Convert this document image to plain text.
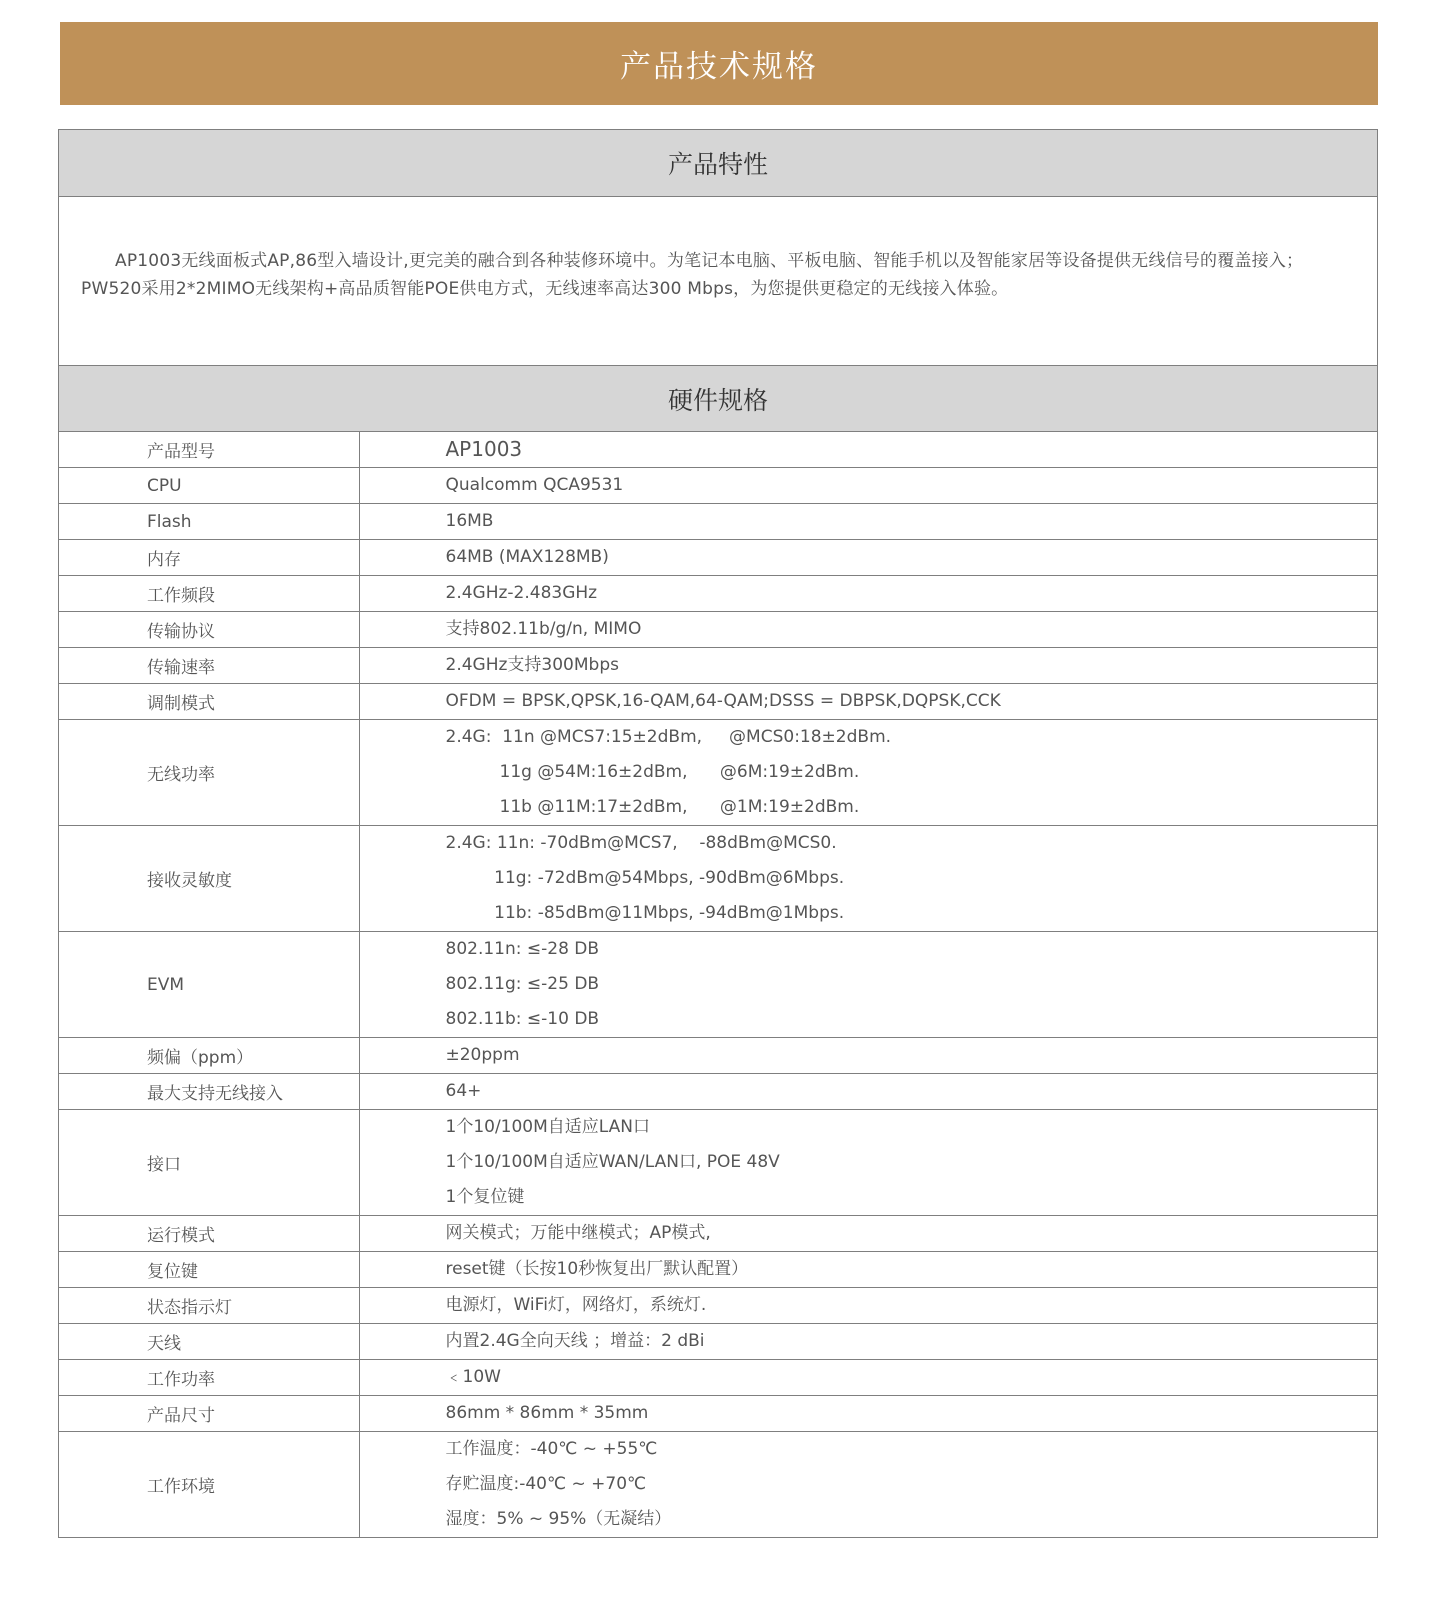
产品技术规格
产品特性
AP1003无线面板式AP,86型入墙设计,更完美的融合到各种装修环境中。为笔记本电脑、平板电脑、智能手机以及智能家居等设备提供无线信号的覆盖接入；PW520采用2*2MIMO无线架构+高品质智能POE供电方式，无线速率高达300 Mbps，为您提供更稳定的无线接入体验。
硬件规格
产品型号	AP1003

CPU	Qualcomm QCA9531

Flash	16MB

内存	64MB (MAX128MB)

工作频段	2.4GHz-2.483GHz

传输协议	支持802.11b/g/n, MIMO

传输速率	2.4GHz支持300Mbps

调制模式	OFDM = BPSK,QPSK,16-QAM,64-QAM;DSSS = DBPSK,DQPSK,CCK

无线功率	2.4G:  11n @MCS7:15±2dBm,     @MCS0:18±2dBm.
11g @54M:16±2dBm,      @6M:19±2dBm.
11b @11M:17±2dBm,      @1M:19±2dBm.

接收灵敏度	2.4G: 11n: -70dBm@MCS7,    -88dBm@MCS0.
11g: -72dBm@54Mbps, -90dBm@6Mbps.
11b: -85dBm@11Mbps, -94dBm@1Mbps.

EVM	802.11n: ≤-28 DB
802.11g: ≤-25 DB
802.11b: ≤-10 DB

频偏（ppm）	±20ppm

最大支持无线接入	64+

接口	1个10/100M自适应LAN口
1个10/100M自适应WAN/LAN口, POE 48V
1个复位键

运行模式	网关模式；万能中继模式；AP模式,

复位键	reset键（长按10秒恢复出厂默认配置）

状态指示灯	电源灯，WiFi灯，网络灯，系统灯.

天线	内置2.4G全向天线 ；增益：2 dBi

工作功率	﹤10W

产品尺寸	86mm * 86mm * 35mm

工作环境	工作温度：-40℃ ~ +55℃
存贮温度:-40℃ ~ +70℃
湿度：5% ~ 95%（无凝结）
